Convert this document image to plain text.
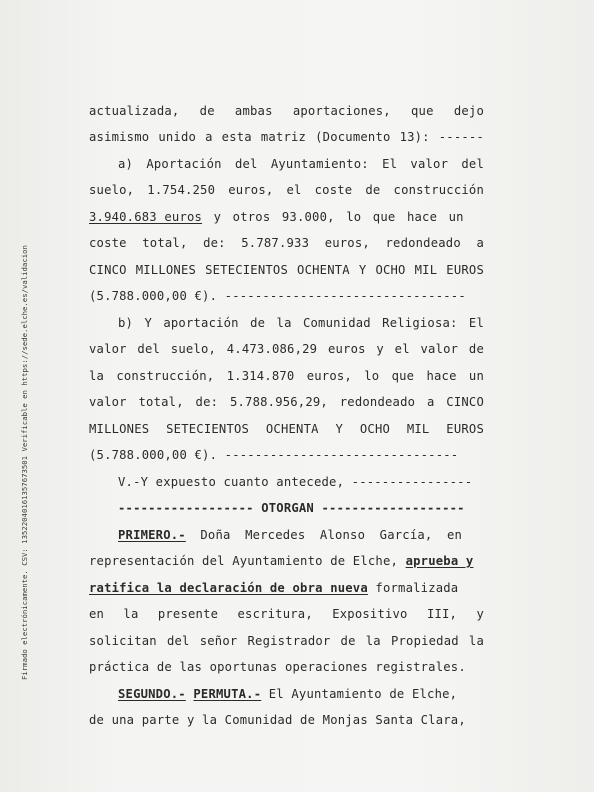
Firmado electrónicamente. CSV: 13522040161357673501 Verificable en https://sede.elche.es/validacion
actualizada, de ambas aportaciones, que dejo
asimismo unido a esta matriz (Documento 13): ------
a) Aportación del Ayuntamiento: El valor del
suelo, 1.754.250 euros, el coste de construcción
3.940.683 euros y otros 93.000, lo que hace un
coste total, de: 5.787.933 euros, redondeado a
CINCO MILLONES SETECIENTOS OCHENTA Y OCHO MIL EUROS
(5.788.000,00 €). --------------------------------
b) Y aportación de la Comunidad Religiosa: El
valor del suelo, 4.473.086,29 euros y el valor de
la construcción, 1.314.870 euros, lo que hace un
valor total, de: 5.788.956,29, redondeado a CINCO
MILLONES SETECIENTOS OCHENTA Y OCHO MIL EUROS
(5.788.000,00 €). -------------------------------
V.-Y expuesto cuanto antecede, ----------------
------------------ OTORGAN -------------------
PRIMERO.- Doña Mercedes Alonso García, en
representación del Ayuntamiento de Elche, aprueba y
ratifica la declaración de obra nueva formalizada
en la presente escritura, Expositivo III, y
solicitan del señor Registrador de la Propiedad la
práctica de las oportunas operaciones registrales.
SEGUNDO.- PERMUTA.- El Ayuntamiento de Elche,
de una parte y la Comunidad de Monjas Santa Clara,
